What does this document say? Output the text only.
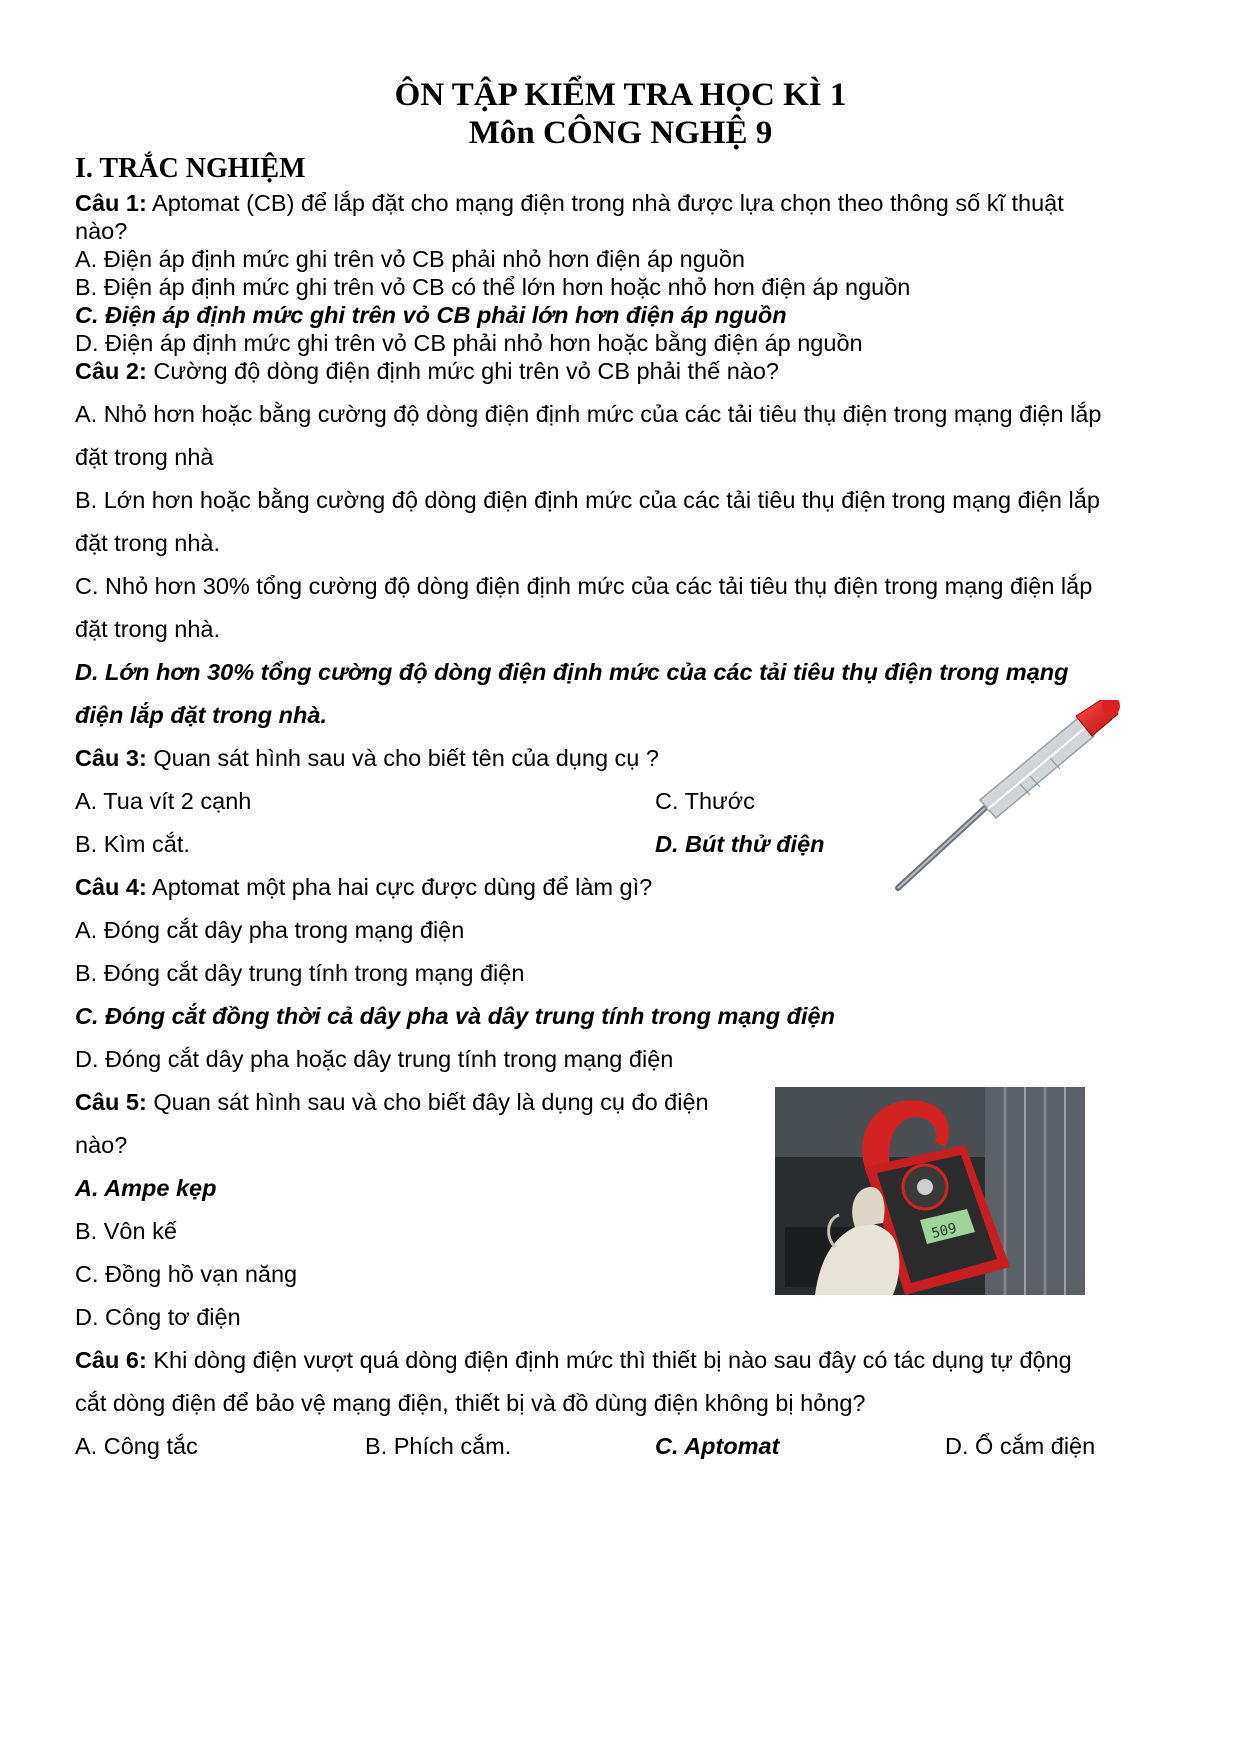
ÔN TẬP KIỂM TRA HỌC KÌ 1
Môn CÔNG NGHỆ 9
I. TRẮC NGHIỆM
Câu 1: Aptomat (CB) để lắp đặt cho mạng điện trong nhà được lựa chọn theo thông số kĩ thuật
nào?
A. Điện áp định mức ghi trên vỏ CB phải nhỏ hơn điện áp nguồn
B. Điện áp định mức ghi trên vỏ CB có thể lớn hơn hoặc nhỏ hơn điện áp nguồn
C. Điện áp định mức ghi trên vỏ CB phải lớn hơn điện áp nguồn
D. Điện áp định mức ghi trên vỏ CB phải nhỏ hơn hoặc bằng điện áp nguồn
Câu 2: Cường độ dòng điện định mức ghi trên vỏ CB phải thế nào?
A. Nhỏ hơn hoặc bằng cường độ dòng điện định mức của các tải tiêu thụ điện trong mạng điện lắp
đặt trong nhà
B. Lớn hơn hoặc bằng cường độ dòng điện định mức của các tải tiêu thụ điện trong mạng điện lắp
đặt trong nhà.
C. Nhỏ hơn 30% tổng cường độ dòng điện định mức của các tải tiêu thụ điện trong mạng điện lắp
đặt trong nhà.
D. Lớn hơn 30% tổng cường độ dòng điện định mức của các tải tiêu thụ điện trong mạng
điện lắp đặt trong nhà.
Câu 3: Quan sát hình sau và cho biết tên của dụng cụ ?
A. Tua vít 2 cạnh	C. Thước
B. Kìm cắt.	D. Bút thử điện
Câu 4: Aptomat một pha hai cực được dùng để làm gì?
A. Đóng cắt dây pha trong mạng điện
B. Đóng cắt dây trung tính trong mạng điện
C. Đóng cắt đồng thời cả dây pha và dây trung tính trong mạng điện
D. Đóng cắt dây pha hoặc dây trung tính trong mạng điện
Câu 5: Quan sát hình sau và cho biết đây là dụng cụ đo điện
nào?
A. Ampe kẹp
B. Vôn kế
C. Đồng hồ vạn năng
D. Công tơ điện
509
Câu 6: Khi dòng điện vượt quá dòng điện định mức thì thiết bị nào sau đây có tác dụng tự động
cắt dòng điện để bảo vệ mạng điện, thiết bị và đồ dùng điện không bị hỏng?
A. Công tắc	B. Phích cắm.	C. Aptomat	D. Ổ cắm điện
